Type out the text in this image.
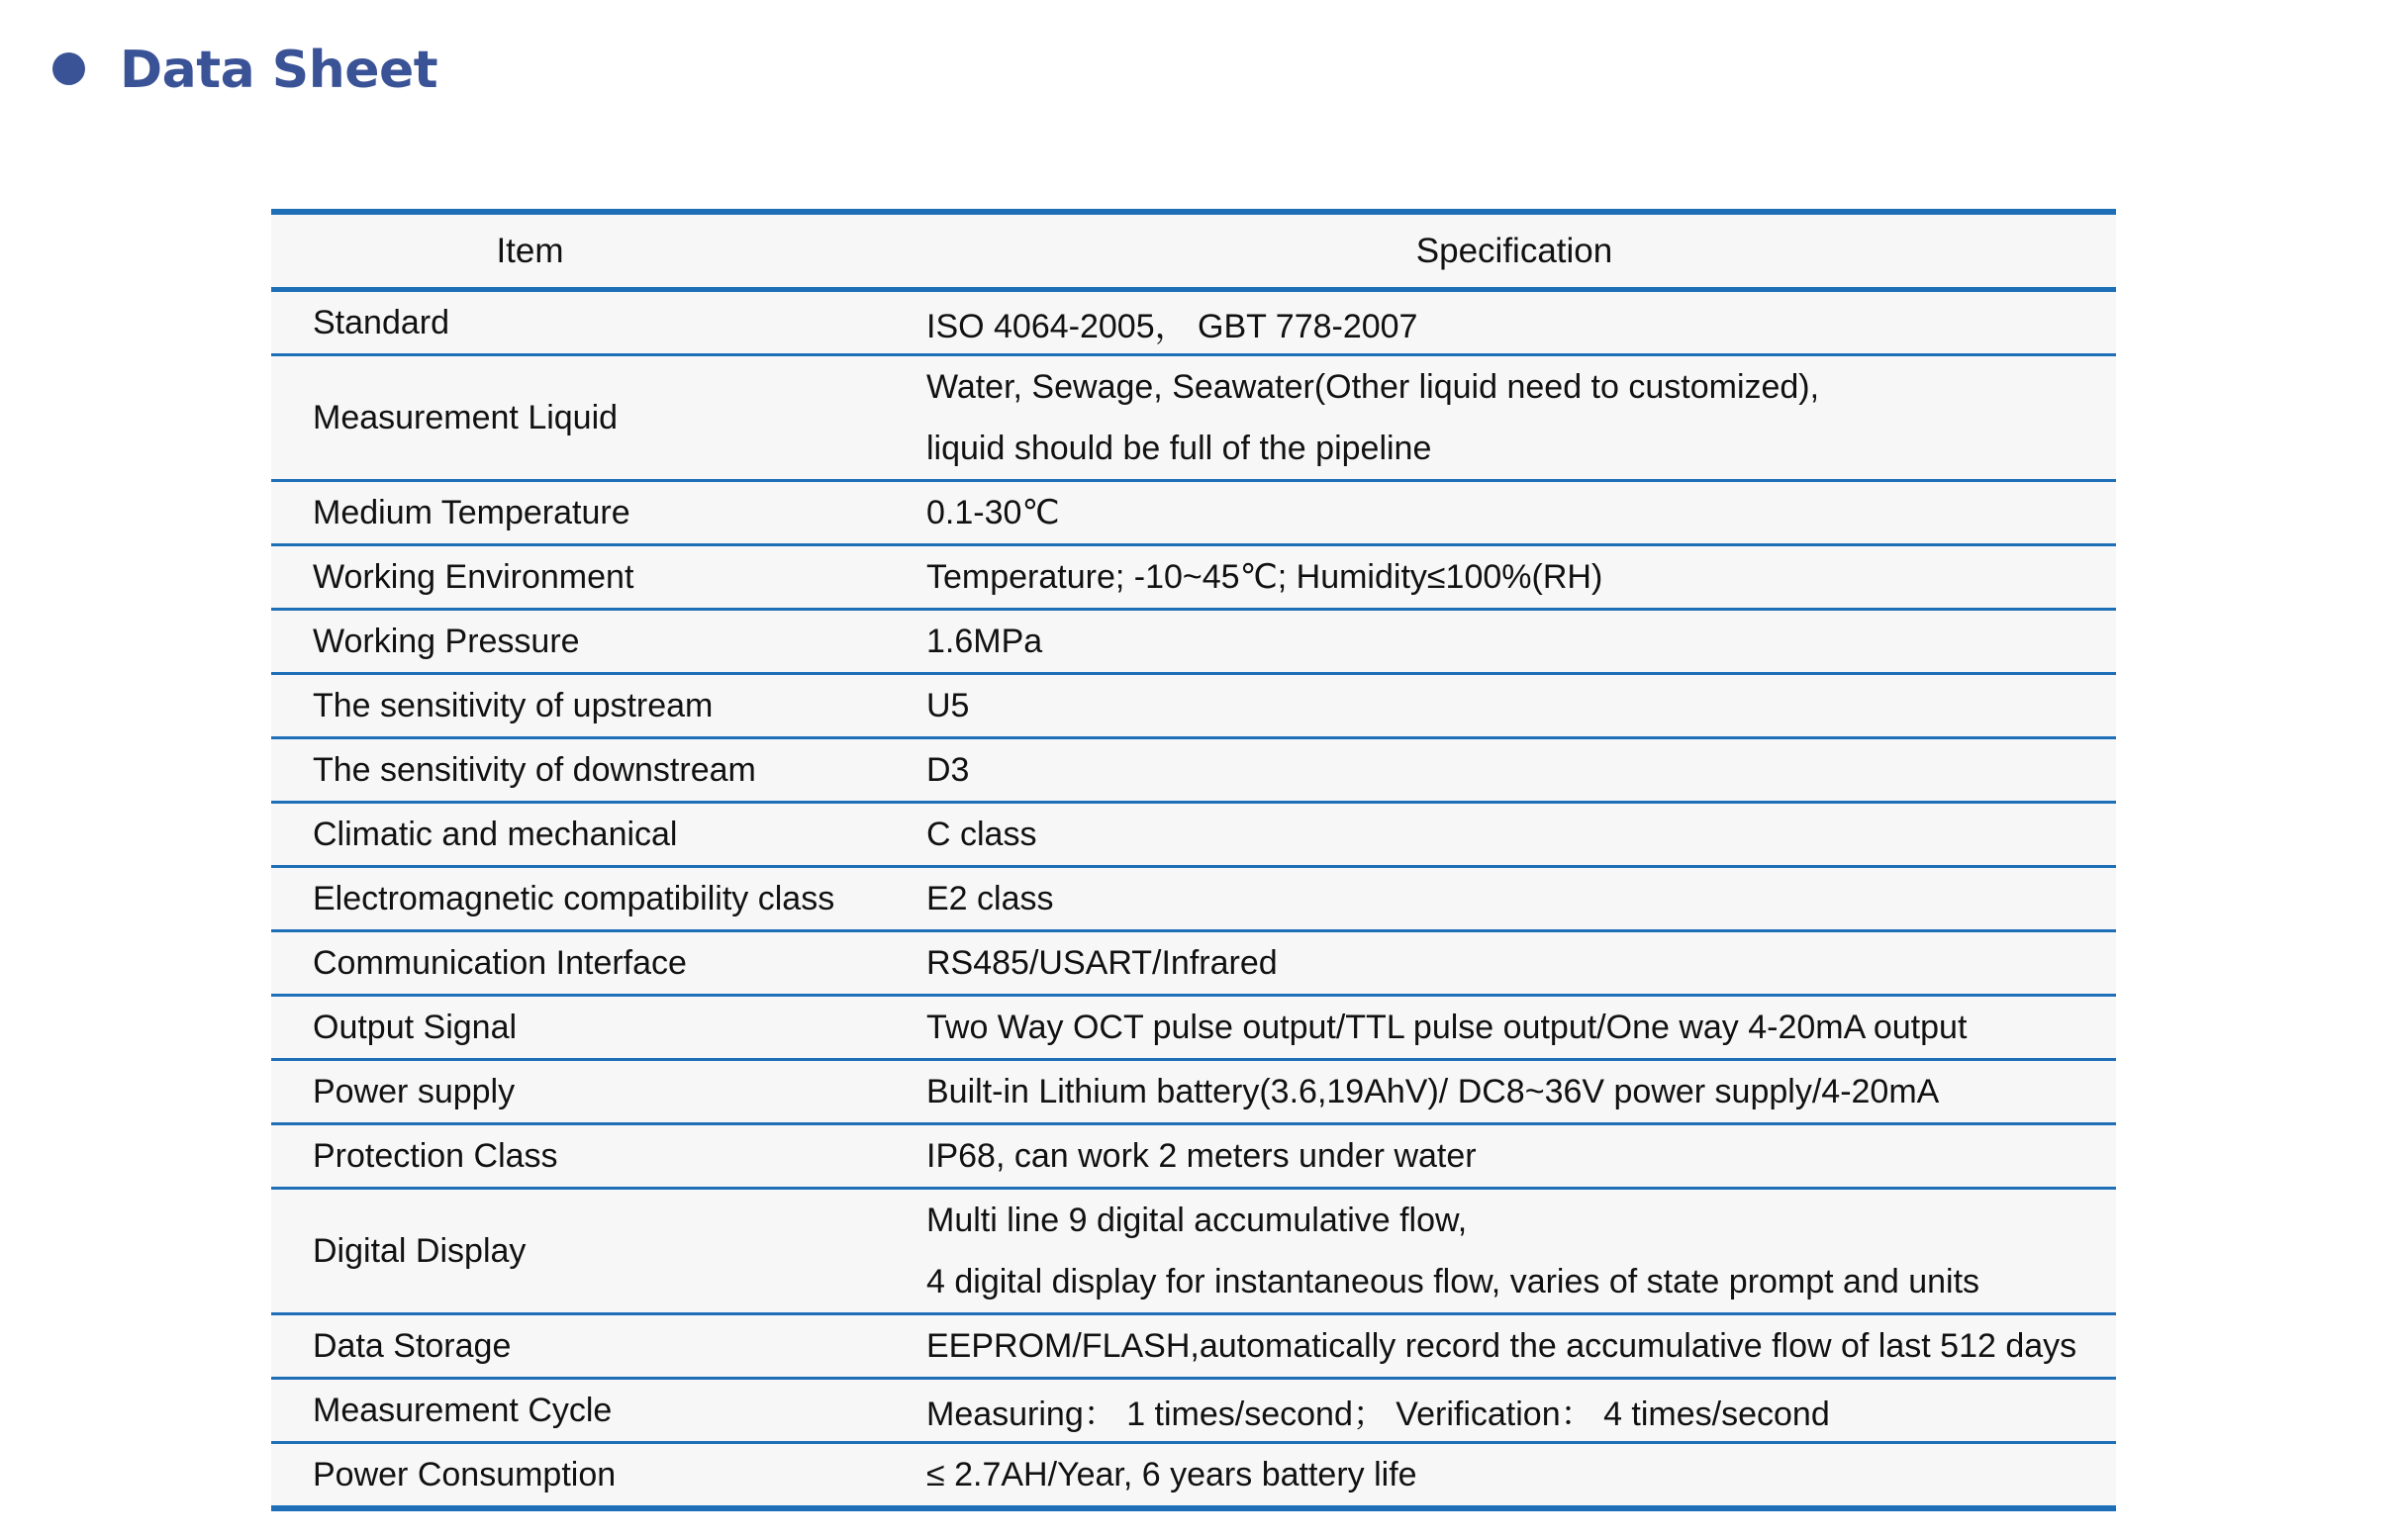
Data Sheet
Item	Specification
Standard	ISO 4064-2005， GBT 778-2007
Measurement Liquid	Water, Sewage, Seawater(Other liquid need to customized),
liquid should be full of the pipeline

Medium Temperature	0.1-30℃
Working Environment	Temperature; -10~45℃; Humidity≤100%(RH)
Working Pressure	1.6MPa
The sensitivity of upstream	U5
The sensitivity of downstream	D3
Climatic and mechanical	C class
Electromagnetic compatibility class	E2 class
Communication Interface	RS485/USART/Infrared
Output Signal	Two Way OCT pulse output/TTL pulse output/One way 4-20mA output
Power supply	Built-in Lithium battery(3.6,19AhV)/ DC8~36V power supply/4-20mA
Protection Class	IP68, can work 2 meters under water
Digital Display	Multi line 9 digital accumulative flow,
4 digital display for instantaneous flow, varies of state prompt and units

Data Storage	EEPROM/FLASH,automatically record the accumulative flow of last 512 days
Measurement Cycle	Measuring： 1 times/second； Verification： 4 times/second
Power Consumption	≤ 2.7AH/Year, 6 years battery life
